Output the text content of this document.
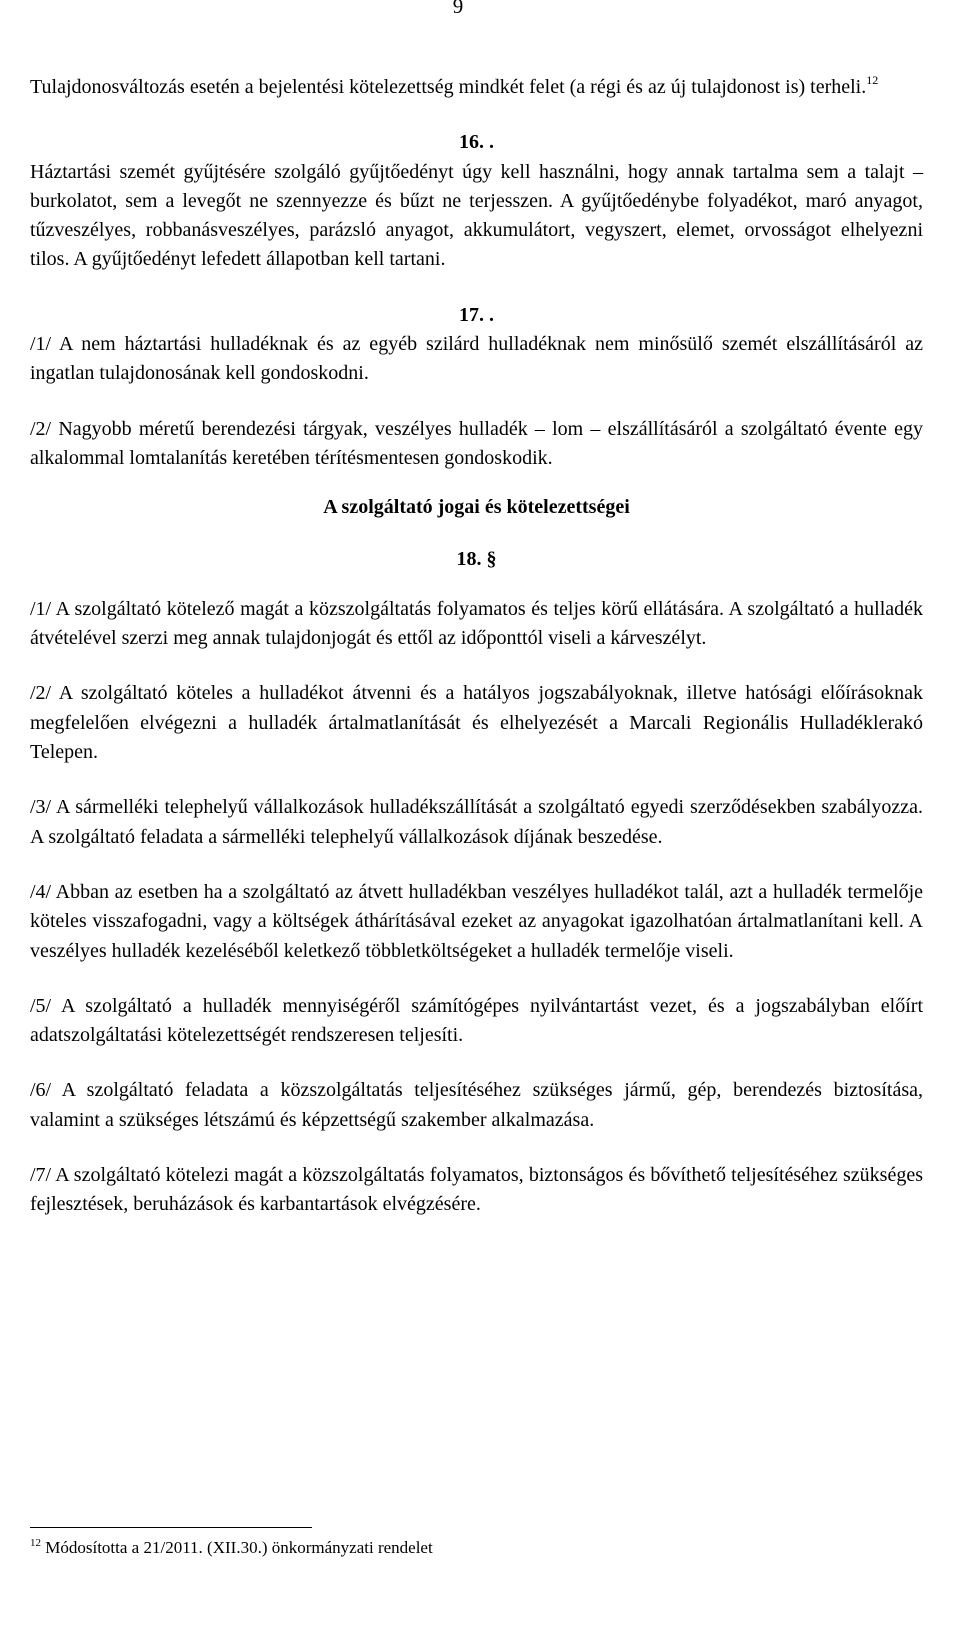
9

Tulajdonosváltozás esetén a bejelentési kötelezettség mindkét felet (a régi és az új tulajdonost is) terheli.$^{12}$

16. .

Háztartási szemét gyűjtésére szolgáló gyűjtőedényt úgy kell használni, hogy annak tartalma sem a talajt – burkolatot, sem a levegőt ne szennyezze és bűzt ne terjesszen. A gyűjtőedénybe folyadékot, maró anyagot, tűzveszélyes, robbanásveszélyes, parázsló anyagot, akkumulátort, vegyszert, elemet, orvosságot elhelyezni tilos. A gyűjtőedényt lefedett állapotban kell tartani.

17. .

/1/ A nem háztartási hulladéknak és az egyéb szilárd hulladéknak nem minősülő szemét elszállításáról az ingatlan tulajdonosának kell gondoskodni.

/2/ Nagyobb méretű berendezési tárgyak, veszélyes hulladék – lom – elszállításáról a szolgáltató évente egy alkalommal lomtalanítás keretében térítésmentesen gondoskodik.

A szolgáltató jogai és kötelezettségei

18. §

/1/ A szolgáltató kötelező magát a közszolgáltatás folyamatos és teljes körű ellátására. A szolgáltató a hulladék átvételével szerzi meg annak tulajdonjogát és ettől az időponttól viseli a kárveszélyt.

/2/ A szolgáltató köteles a hulladékot átvenni és a hatályos jogszabályoknak, illetve hatósági előírásoknak megfelelően elvégezni a hulladék ártalmatlanítását és elhelyezését a Marcali Regionális Hulladéklerakó Telepen.

/3/ A sármelléki telephelyű vállalkozások hulladékszállítását a szolgáltató egyedi szerződésekben szabályozza. A szolgáltató feladata a sármelléki telephelyű vállalkozások díjának beszedése.

/4/ Abban az esetben ha a szolgáltató az átvett hulladékban veszélyes hulladékot talál, azt a hulladék termelője köteles visszafogadni, vagy a költségek áthárításával ezeket az anyagokat igazolhatóan ártalmatlanítani kell. A veszélyes hulladék kezeléséből keletkező többletköltségeket a hulladék termelője viseli.

/5/ A szolgáltató a hulladék mennyiségéről számítógépes nyilvántartást vezet, és a jogszabályban előírt adatszolgáltatási kötelezettségét rendszeresen teljesíti.

/6/ A szolgáltató feladata a közszolgáltatás teljesítéséhez szükséges jármű, gép, berendezés biztosítása, valamint a szükséges létszámú és képzettségű szakember alkalmazása.

/7/ A szolgáltató kötelezi magát a közszolgáltatás folyamatos, biztonságos és bővíthető teljesítéséhez szükséges fejlesztések, beruházások és karbantartások elvégzésére.

$^{12}$ Módosította a 21/2011. (XII.30.) önkormányzati rendelet
